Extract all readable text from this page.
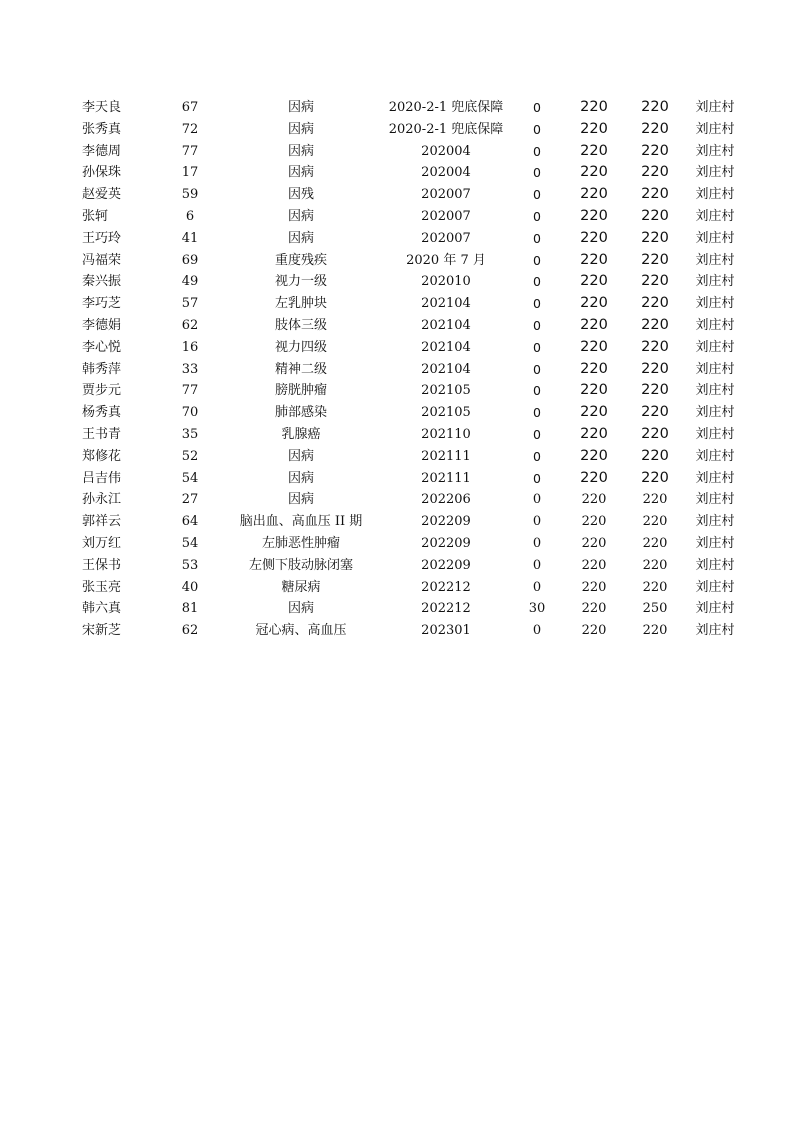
李天良	67	因病	2020-2-1 兜底保障	0	220	220	刘庄村
张秀真	72	因病	2020-2-1 兜底保障	0	220	220	刘庄村
李德周	77	因病	202004	0	220	220	刘庄村
孙保珠	17	因病	202004	0	220	220	刘庄村
赵爱英	59	因残	202007	0	220	220	刘庄村
张轲	6	因病	202007	0	220	220	刘庄村
王巧玲	41	因病	202007	0	220	220	刘庄村
冯福荣	69	重度残疾	2020 年 7 月	0	220	220	刘庄村
秦兴振	49	视力一级	202010	0	220	220	刘庄村
李巧芝	57	左乳肿块	202104	0	220	220	刘庄村
李德娟	62	肢体三级	202104	0	220	220	刘庄村
李心悦	16	视力四级	202104	0	220	220	刘庄村
韩秀萍	33	精神二级	202104	0	220	220	刘庄村
贾步元	77	膀胱肿瘤	202105	0	220	220	刘庄村
杨秀真	70	肺部感染	202105	0	220	220	刘庄村
王书青	35	乳腺癌	202110	0	220	220	刘庄村
郑修花	52	因病	202111	0	220	220	刘庄村
吕吉伟	54	因病	202111	0	220	220	刘庄村
孙永江	27	因病	202206	0	220	220	刘庄村
郭祥云	64	脑出血、高血压 II 期	202209	0	220	220	刘庄村
刘万红	54	左肺恶性肿瘤	202209	0	220	220	刘庄村
王保书	53	左侧下肢动脉闭塞	202209	0	220	220	刘庄村
张玉亮	40	糖尿病	202212	0	220	220	刘庄村
韩六真	81	因病	202212	30	220	250	刘庄村
宋新芝	62	冠心病、高血压	202301	0	220	220	刘庄村
